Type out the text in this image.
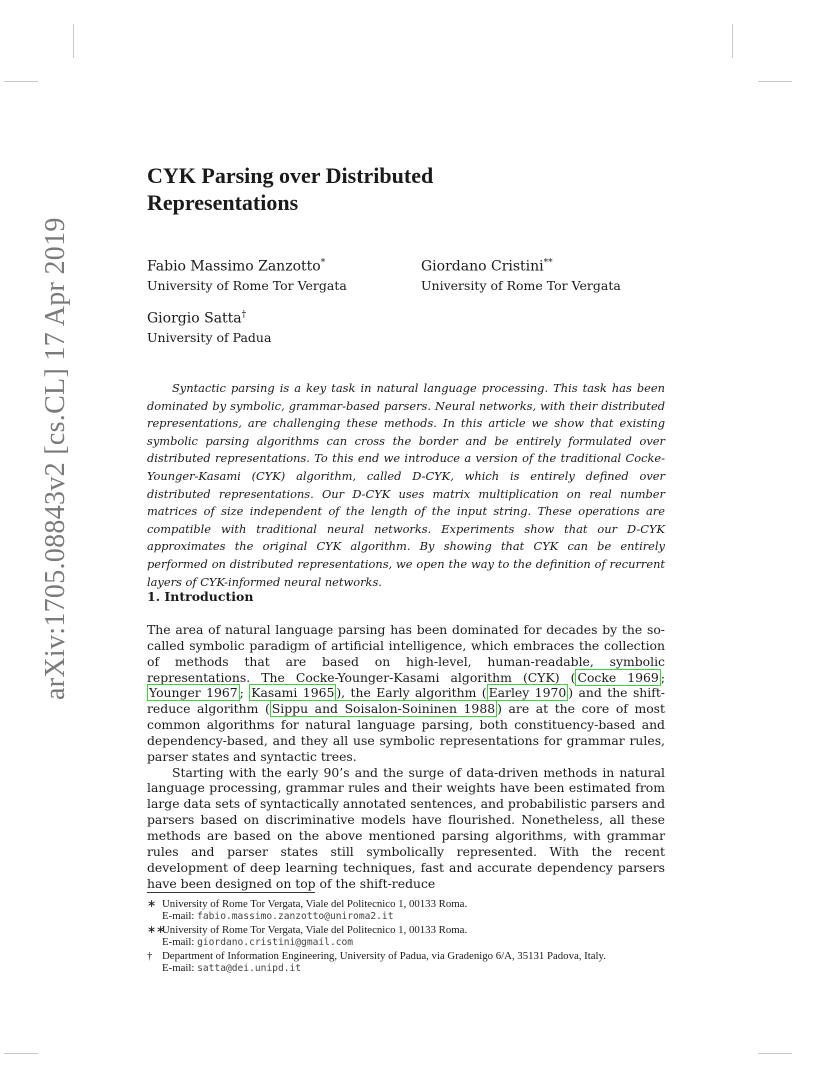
arXiv:1705.08843v2 [cs.CL] 17 Apr 2019
CYK Parsing over Distributed
Representations
Fabio Massimo Zanzotto*
University of Rome Tor Vergata
Giordano Cristini**
University of Rome Tor Vergata
Giorgio Satta†
University of Padua

Syntactic parsing is a key task in natural language processing. This task has been dominated by symbolic, grammar-based parsers. Neural networks, with their distributed representations, are challenging these methods. In this article we show that existing symbolic parsing algorithms can cross the border and be entirely formulated over distributed representations. To this end we introduce a version of the traditional Cocke-Younger-Kasami (CYK) algorithm, called D-CYK, which is entirely defined over distributed representations. Our D-CYK uses matrix multiplication on real number matrices of size independent of the length of the input string. These operations are compatible with traditional neural networks. Experiments show that our D-CYK approximates the original CYK algorithm. By showing that CYK can be entirely performed on distributed representations, we open the way to the definition of recurrent layers of CYK-informed neural networks.

1. Introduction

The area of natural language parsing has been dominated for decades by the so-called symbolic paradigm of artificial intelligence, which embraces the collection of methods that are based on high-level, human-readable, symbolic representations. The Cocke-Younger-Kasami algorithm (CYK) ( Cocke 1969 ; Younger 1967 ; Kasami 1965 ), the Early algorithm ( Earley 1970 ) and the shift-reduce algorithm ( Sippu and Soisalon-Soininen 1988 ) are at the core of most common algorithms for natural language parsing, both constituency-based and dependency-based, and they all use symbolic representations for grammar rules, parser states and syntactic trees.

Starting with the early 90’s and the surge of data-driven methods in natural language processing, grammar rules and their weights have been estimated from large data sets of syntactically annotated sentences, and probabilistic parsers and parsers based on discriminative models have flourished. Nonetheless, all these methods are based on the above mentioned parsing algorithms, with grammar rules and parser states still symbolically represented. With the recent development of deep learning techniques, fast and accurate dependency parsers have been designed on top of the shift-reduce

∗ University of Rome Tor Vergata, Viale del Politecnico 1, 00133 Roma.
E-mail: fabio.massimo.zanzotto@uniroma2.it
∗∗
University of Rome Tor Vergata, Viale del Politecnico 1, 00133 Roma.
E-mail: giordano.cristini@gmail.com
† Department of Information Engineering, University of Padua, via Gradenigo 6/A, 35131 Padova, Italy.
E-mail: satta@dei.unipd.it
